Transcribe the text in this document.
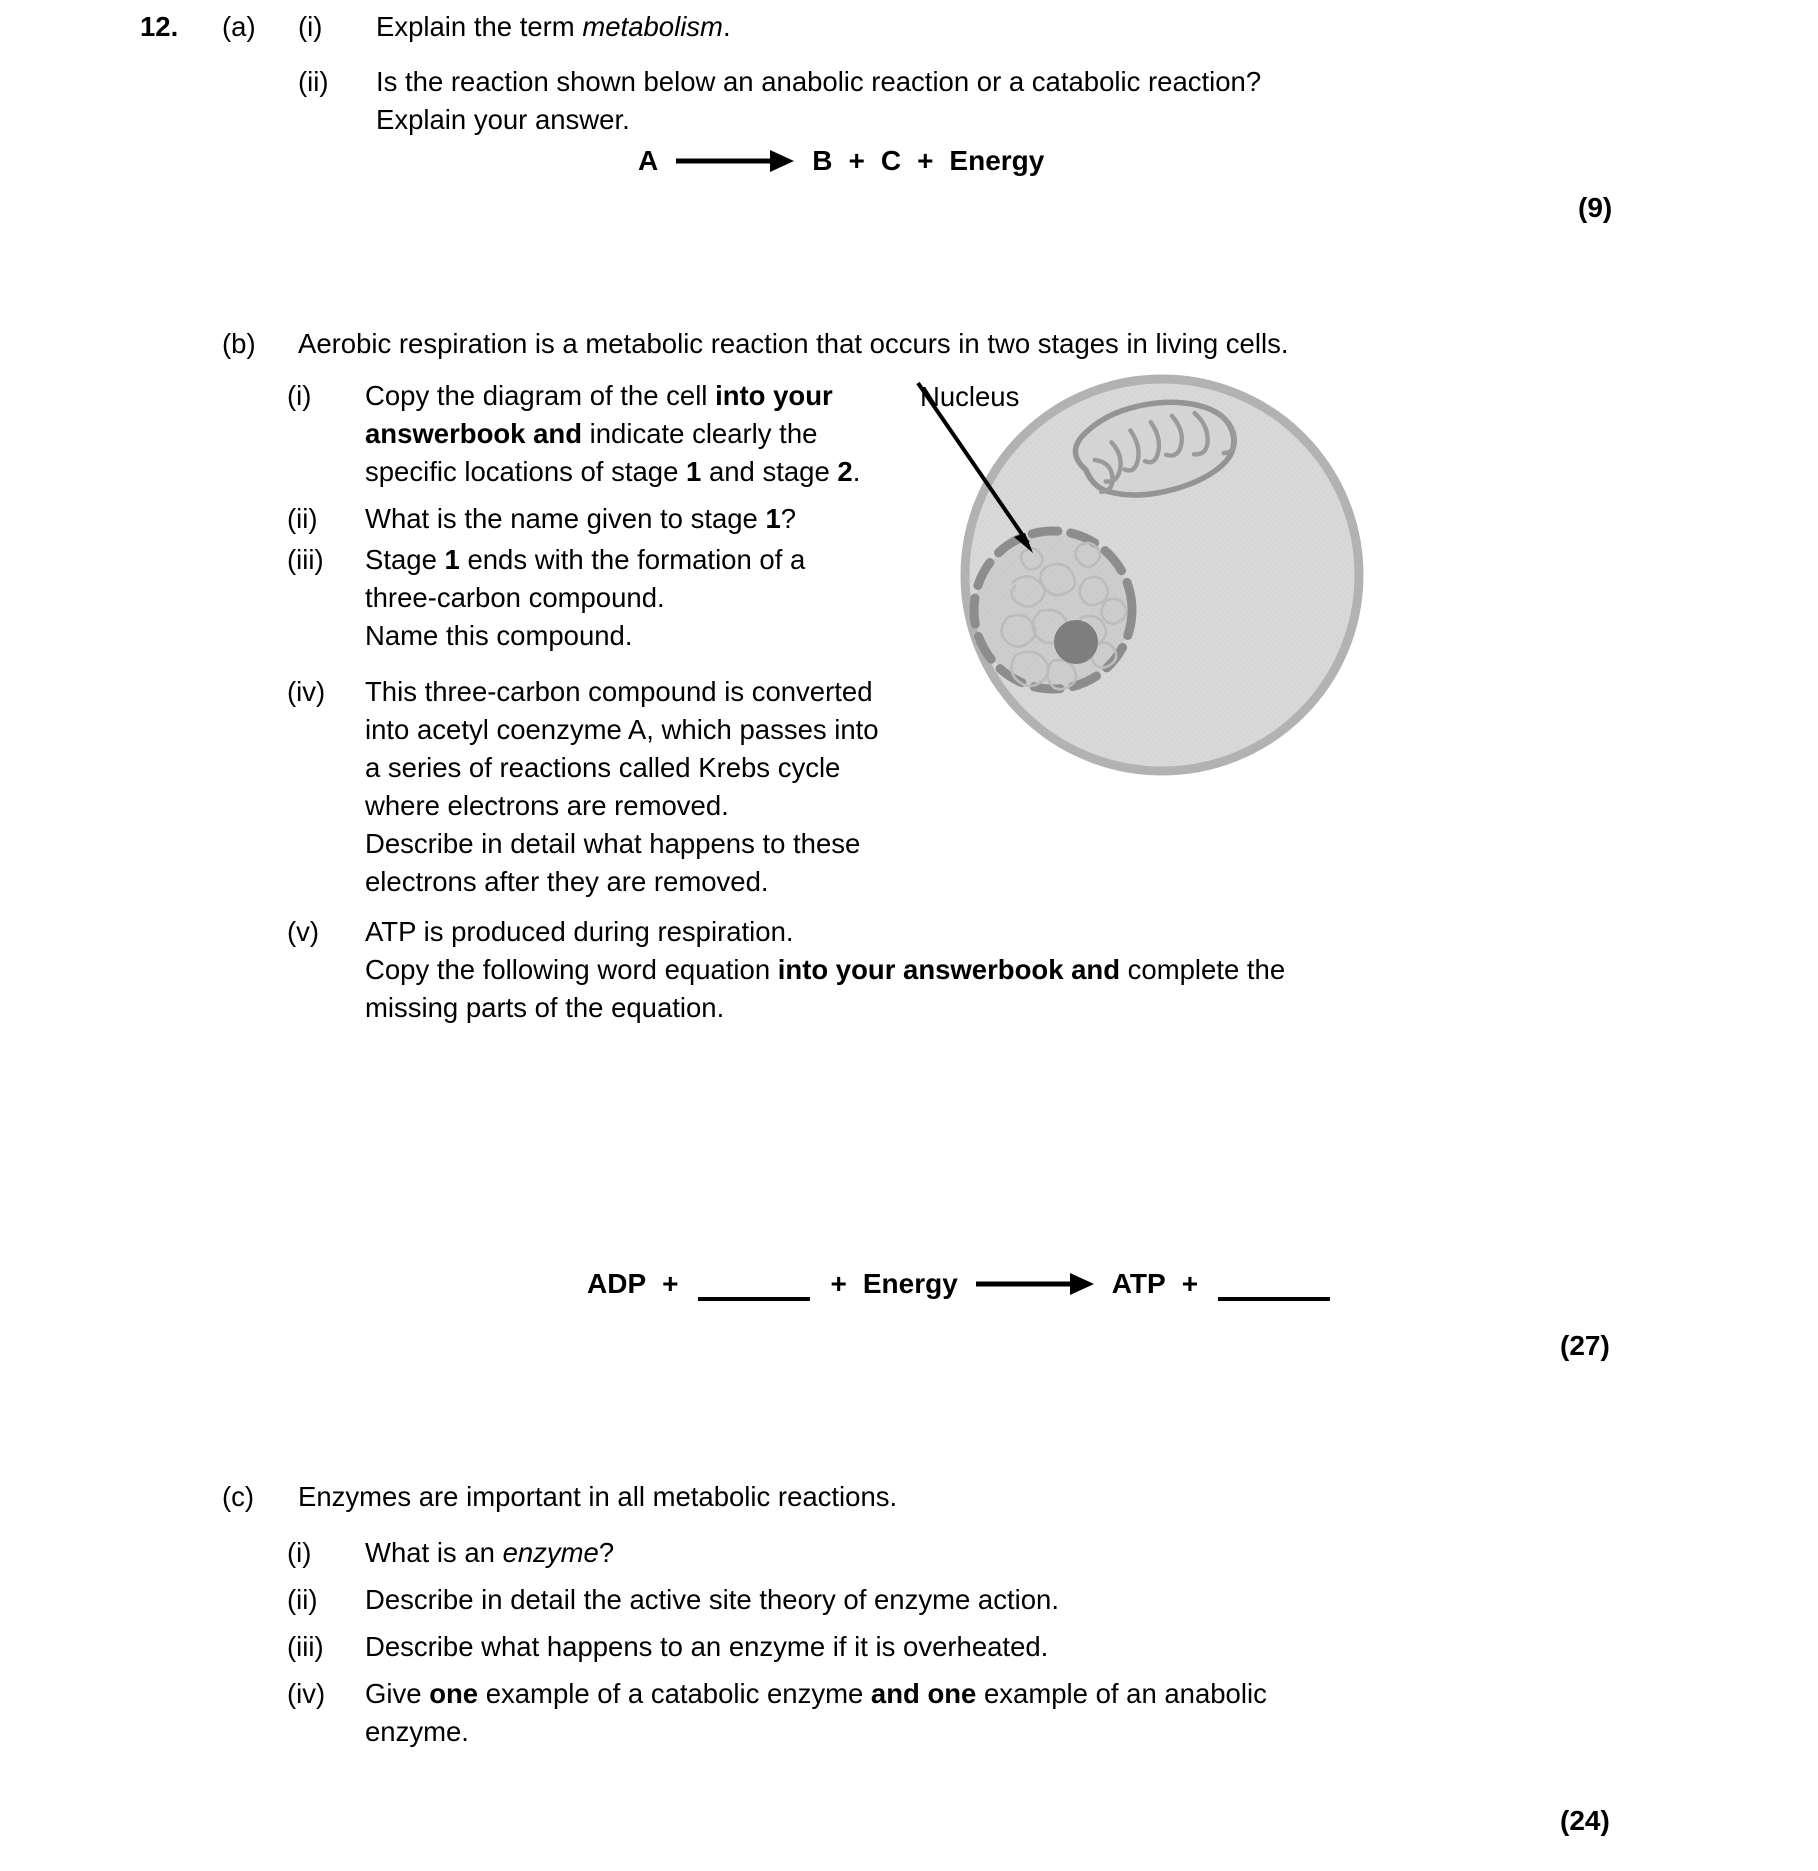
12.	(a)	(i)	Explain the term metabolism.
(ii)	Is the reaction shown below an anabolic reaction or a catabolic reaction?
Explain your answer.
A	B + C + Energy
(9)
(b)	Aerobic respiration is a metabolic reaction that occurs in two stages in living cells.
(i)	Copy the diagram of the cell into your
answerbook and indicate clearly the
specific locations of stage 1 and stage 2.
(ii)	What is the name given to stage 1?
(iii)	Stage 1 ends with the formation of a
three-carbon compound.
Name this compound.
(iv)	This three-carbon compound is converted
into acetyl coenzyme A, which passes into
a series of reactions called Krebs cycle
where electrons are removed.
Describe in detail what happens to these
electrons after they are removed.
(v)	ATP is produced during respiration.
Copy the following word equation into your answerbook and complete the
missing parts of the equation.
ADP +	+ Energy	ATP +
(27)
(c)	Enzymes are important in all metabolic reactions.
(i)	What is an enzyme?
(ii)	Describe in detail the active site theory of enzyme action.
(iii)	Describe what happens to an enzyme if it is overheated.
(iv)	Give one example of a catabolic enzyme and one example of an anabolic
enzyme.
(24)
Nucleus
